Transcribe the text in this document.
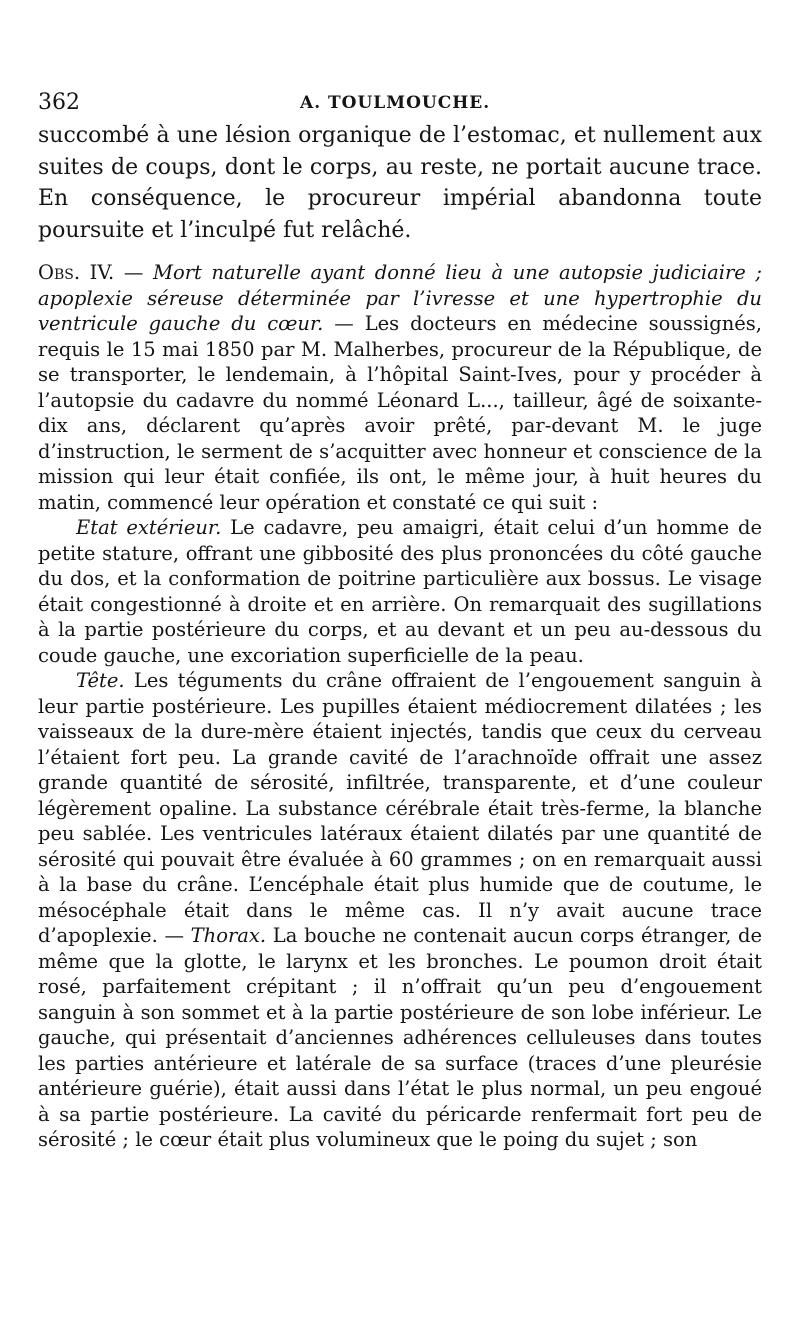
362	A. TOULMOUCHE.

succombé à une lésion organique de l’estomac, et nullement aux suites de coups, dont le corps, au reste, ne portait aucune trace. En conséquence, le procureur impérial abandonna toute poursuite et l’inculpé fut relâché.

Obs. IV. — Mort naturelle ayant donné lieu à une autopsie judiciaire ; apoplexie séreuse déterminée par l’ivresse et une hypertrophie du ventricule gauche du cœur. — Les docteurs en médecine soussignés, requis le 15 mai 1850 par M. Malherbes, procureur de la République, de se transporter, le lendemain, à l’hôpital Saint-Ives, pour y procéder à l’autopsie du cadavre du nommé Léonard L..., tailleur, âgé de soixante-dix ans, déclarent qu’après avoir prêté, par-devant M. le juge d’instruction, le serment de s’acquitter avec honneur et conscience de la mission qui leur était confiée, ils ont, le même jour, à huit heures du matin, commencé leur opération et constaté ce qui suit :

Etat extérieur. Le cadavre, peu amaigri, était celui d’un homme de petite stature, offrant une gibbosité des plus prononcées du côté gauche du dos, et la conformation de poitrine particulière aux bossus. Le visage était congestionné à droite et en arrière. On remarquait des sugillations à la partie postérieure du corps, et au devant et un peu au-dessous du coude gauche, une excoriation superficielle de la peau.

Tête. Les téguments du crâne offraient de l’engouement sanguin à leur partie postérieure. Les pupilles étaient médiocrement dilatées ; les vaisseaux de la dure-mère étaient injectés, tandis que ceux du cerveau l’étaient fort peu. La grande cavité de l’arachnoïde offrait une assez grande quantité de sérosité, infiltrée, transparente, et d’une couleur légèrement opaline. La substance cérébrale était très-ferme, la blanche peu sablée. Les ventricules latéraux étaient dilatés par une quantité de sérosité qui pouvait être évaluée à 60 grammes ; on en remarquait aussi à la base du crâne. L’encéphale était plus humide que de coutume, le mésocéphale était dans le même cas. Il n’y avait aucune trace d’apoplexie. — Thorax. La bouche ne contenait aucun corps étranger, de même que la glotte, le larynx et les bronches. Le poumon droit était rosé, parfaitement crépitant ; il n’offrait qu’un peu d’engouement sanguin à son sommet et à la partie postérieure de son lobe inférieur. Le gauche, qui présentait d’anciennes adhérences celluleuses dans toutes les parties antérieure et latérale de sa surface (traces d’une pleurésie antérieure guérie), était aussi dans l’état le plus normal, un peu engoué à sa partie postérieure. La cavité du péricarde renfermait fort peu de sérosité ; le cœur était plus volumineux que le poing du sujet ; son
